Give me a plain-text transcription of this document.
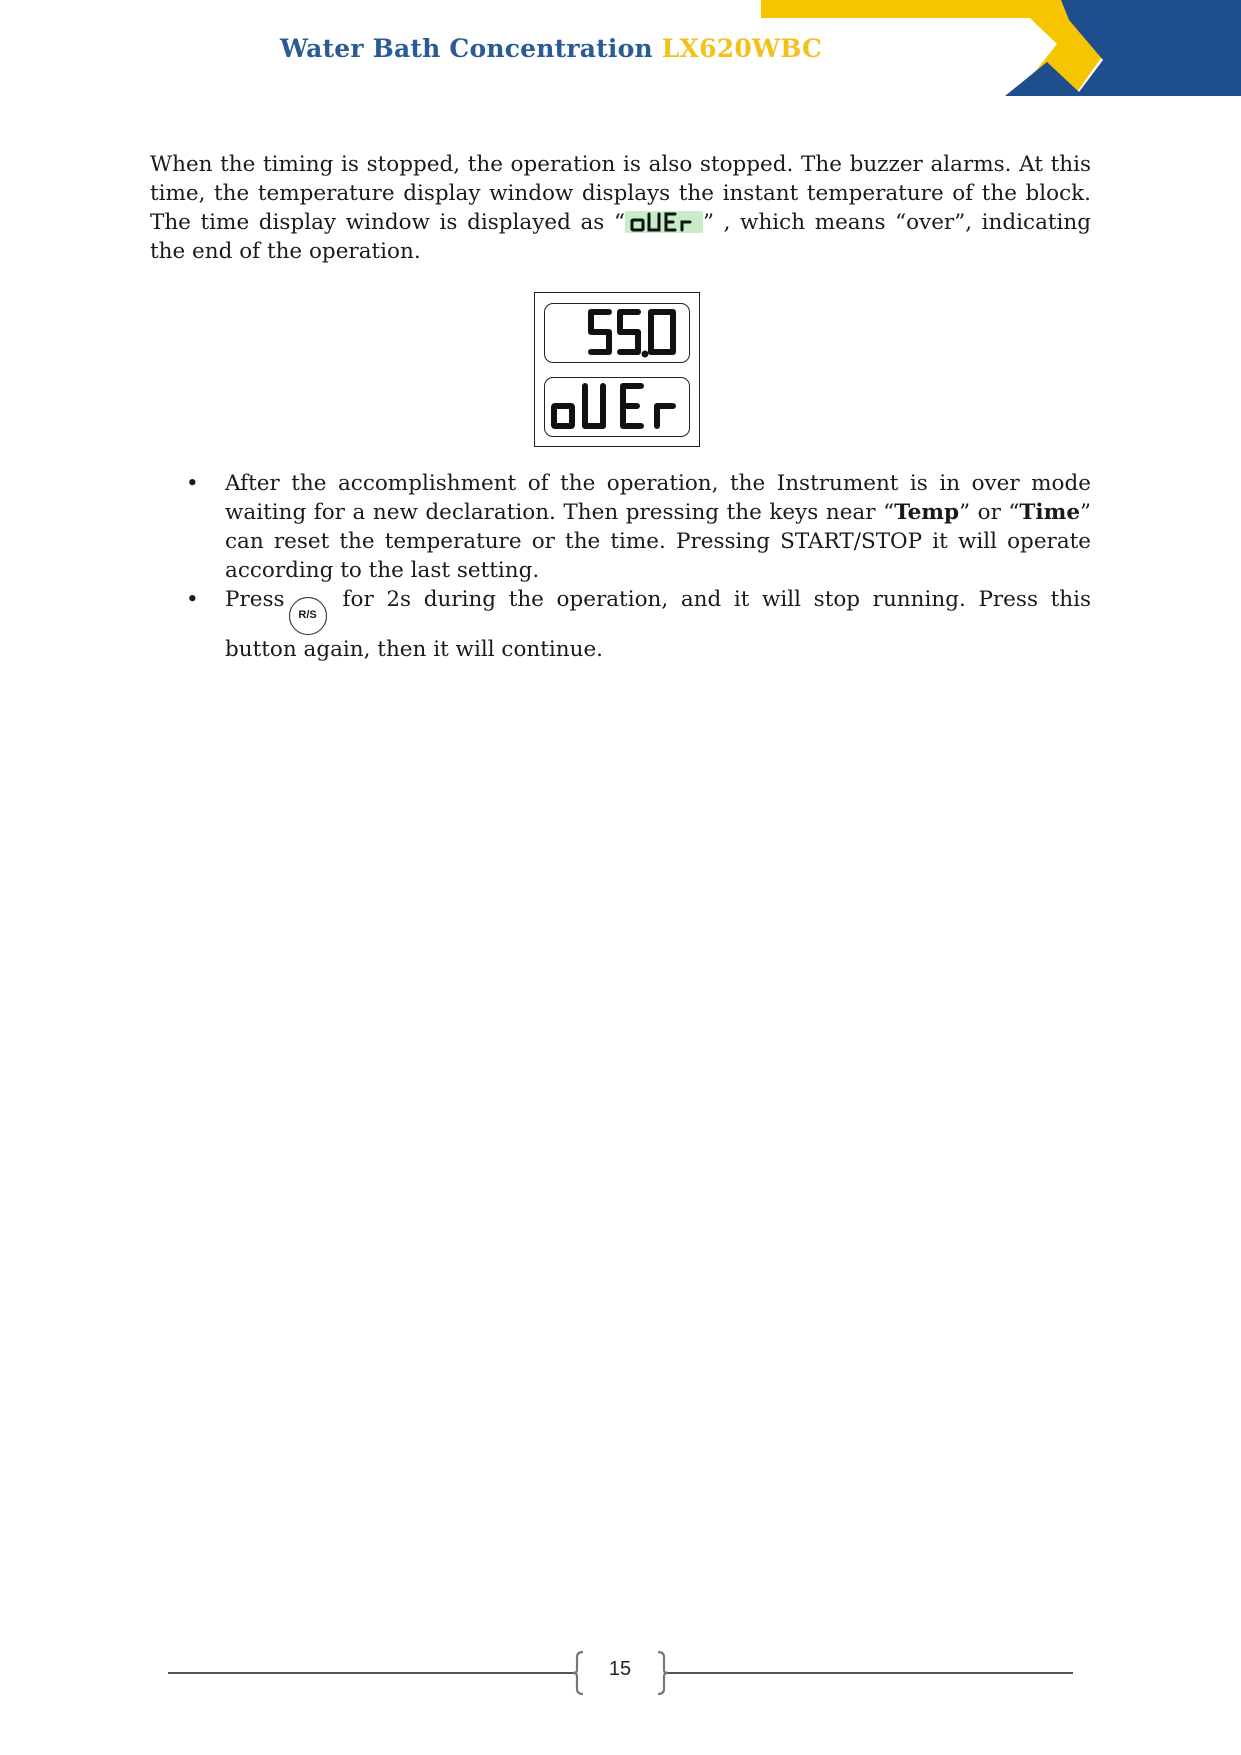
Water Bath Concentration LX620WBC

When the timing is stopped, the operation is also stopped. The buzzer alarms. At this time, the temperature display window displays the instant temperature of the block. The time display window is displayed as “	” , which means “over”, indicating the end of the operation.

• After the accomplishment of the operation, the Instrument is in over mode waiting for a new declaration. Then pressing the keys near “Temp” or “Time” can reset the temperature or the time. Pressing START/STOP it will operate according to the last setting.
• PressR/Sfor 2s during the operation, and it will stop running. Press this button again, then it will continue.
15
